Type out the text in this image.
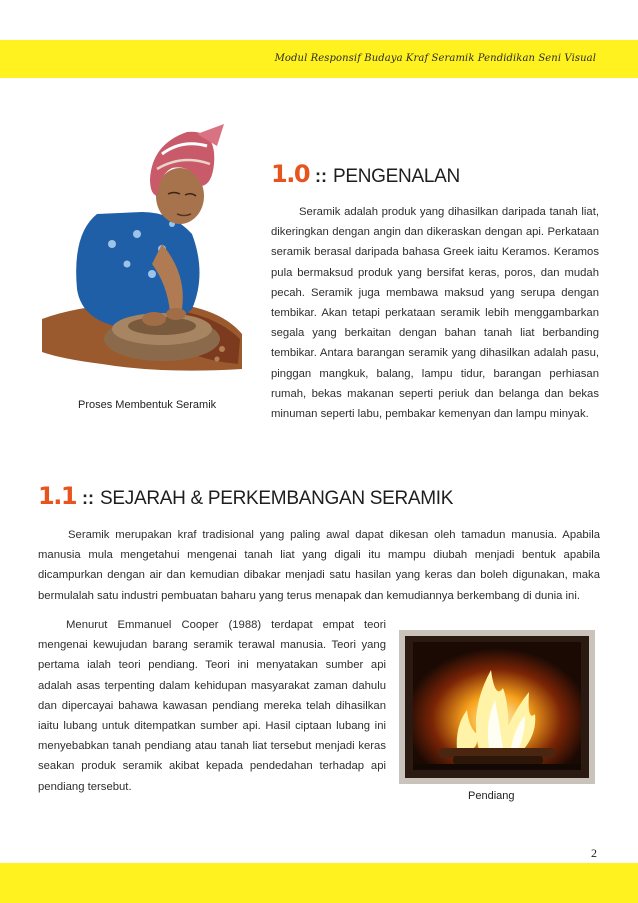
Modul Responsif Budaya Kraf Seramik Pendidikan Seni Visual
Proses Membentuk Seramik
1.0 :: PENGENALAN

Seramik adalah produk yang dihasilkan daripada tanah liat, dikeringkan dengan angin dan dikeraskan dengan api. Perkataan seramik berasal daripada bahasa Greek iaitu Keramos. Keramos pula bermaksud produk yang bersifat keras, poros, dan mudah pecah. Seramik juga membawa maksud yang serupa dengan tembikar. Akan tetapi perkataan seramik lebih menggambarkan segala yang berkaitan dengan bahan tanah liat berbanding tembikar. Antara barangan seramik yang dihasilkan adalah pasu, pinggan mangkuk, balang, lampu tidur, barangan perhiasan rumah, bekas makanan seperti periuk dan belanga dan bekas minuman seperti labu, pembakar kemenyan dan lampu minyak.

1.1 :: SEJARAH & PERKEMBANGAN SERAMIK

Seramik merupakan kraf tradisional yang paling awal dapat dikesan oleh tamadun manusia. Apabila manusia mula mengetahui mengenai tanah liat yang digali itu mampu diubah menjadi bentuk apabila dicampurkan dengan air dan kemudian dibakar menjadi satu hasilan yang keras dan boleh digunakan, maka bermulalah satu industri pembuatan baharu yang terus menapak dan kemudiannya berkembang di dunia ini.

Menurut Emmanuel Cooper (1988) terdapat empat teori mengenai kewujudan barang seramik terawal manusia. Teori yang pertama ialah teori pendiang. Teori ini menyatakan sumber api adalah asas terpenting dalam kehidupan masyarakat zaman dahulu dan dipercayai bahawa kawasan pendiang mereka telah dihasilkan iaitu lubang untuk ditempatkan sumber api. Hasil ciptaan lubang ini menyebabkan tanah pendiang atau tanah liat tersebut menjadi keras seakan produk seramik akibat kepada pendedahan terhadap api pendiang tersebut.

Pendiang
2
